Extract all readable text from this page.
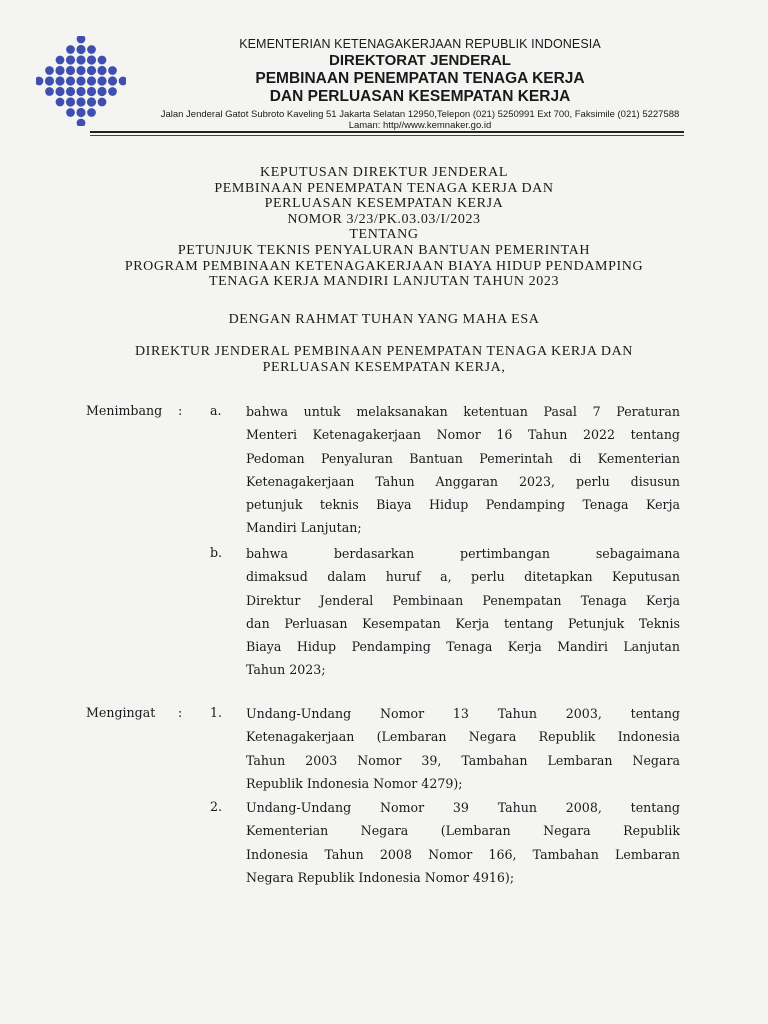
KEMENTERIAN KETENAGAKERJAAN REPUBLIK INDONESIA
DIREKTORAT JENDERAL
PEMBINAAN PENEMPATAN TENAGA KERJA
DAN PERLUASAN KESEMPATAN KERJA
Jalan Jenderal Gatot Subroto Kaveling 51 Jakarta Selatan 12950,Telepon (021) 5250991 Ext 700, Faksimile (021) 5227588
Laman: http//www.kemnaker.go.id
KEPUTUSAN DIREKTUR JENDERAL
PEMBINAAN PENEMPATAN TENAGA KERJA DAN
PERLUASAN KESEMPATAN KERJA
NOMOR 3/23/PK.03.03/I/2023
TENTANG
PETUNJUK TEKNIS PENYALURAN BANTUAN PEMERINTAH
PROGRAM PEMBINAAN KETENAGAKERJAAN BIAYA HIDUP PENDAMPING
TENAGA KERJA MANDIRI LANJUTAN TAHUN 2023
DENGAN RAHMAT TUHAN YANG MAHA ESA
DIREKTUR JENDERAL PEMBINAAN PENEMPATAN TENAGA KERJA DAN
PERLUASAN KESEMPATAN KERJA,
Menimbang : a. bahwa untuk melaksanakan ketentuan Pasal 7 Peraturan
Menteri Ketenagakerjaan Nomor 16 Tahun 2022 tentang
Pedoman Penyaluran Bantuan Pemerintah di Kementerian
Ketenagakerjaan Tahun Anggaran 2023, perlu disusun
petunjuk teknis Biaya Hidup Pendamping Tenaga Kerja
Mandiri Lanjutan;
b. bahwa berdasarkan pertimbangan sebagaimana
dimaksud dalam huruf a, perlu ditetapkan Keputusan
Direktur Jenderal Pembinaan Penempatan Tenaga Kerja
dan Perluasan Kesempatan Kerja tentang Petunjuk Teknis
Biaya Hidup Pendamping Tenaga Kerja Mandiri Lanjutan
Tahun 2023;
Mengingat : 1. Undang-Undang Nomor 13 Tahun 2003, tentang
Ketenagakerjaan (Lembaran Negara Republik Indonesia
Tahun 2003 Nomor 39, Tambahan Lembaran Negara
Republik Indonesia Nomor 4279);
2. Undang-Undang Nomor 39 Tahun 2008, tentang
Kementerian Negara (Lembaran Negara Republik
Indonesia Tahun 2008 Nomor 166, Tambahan Lembaran
Negara Republik Indonesia Nomor 4916);
